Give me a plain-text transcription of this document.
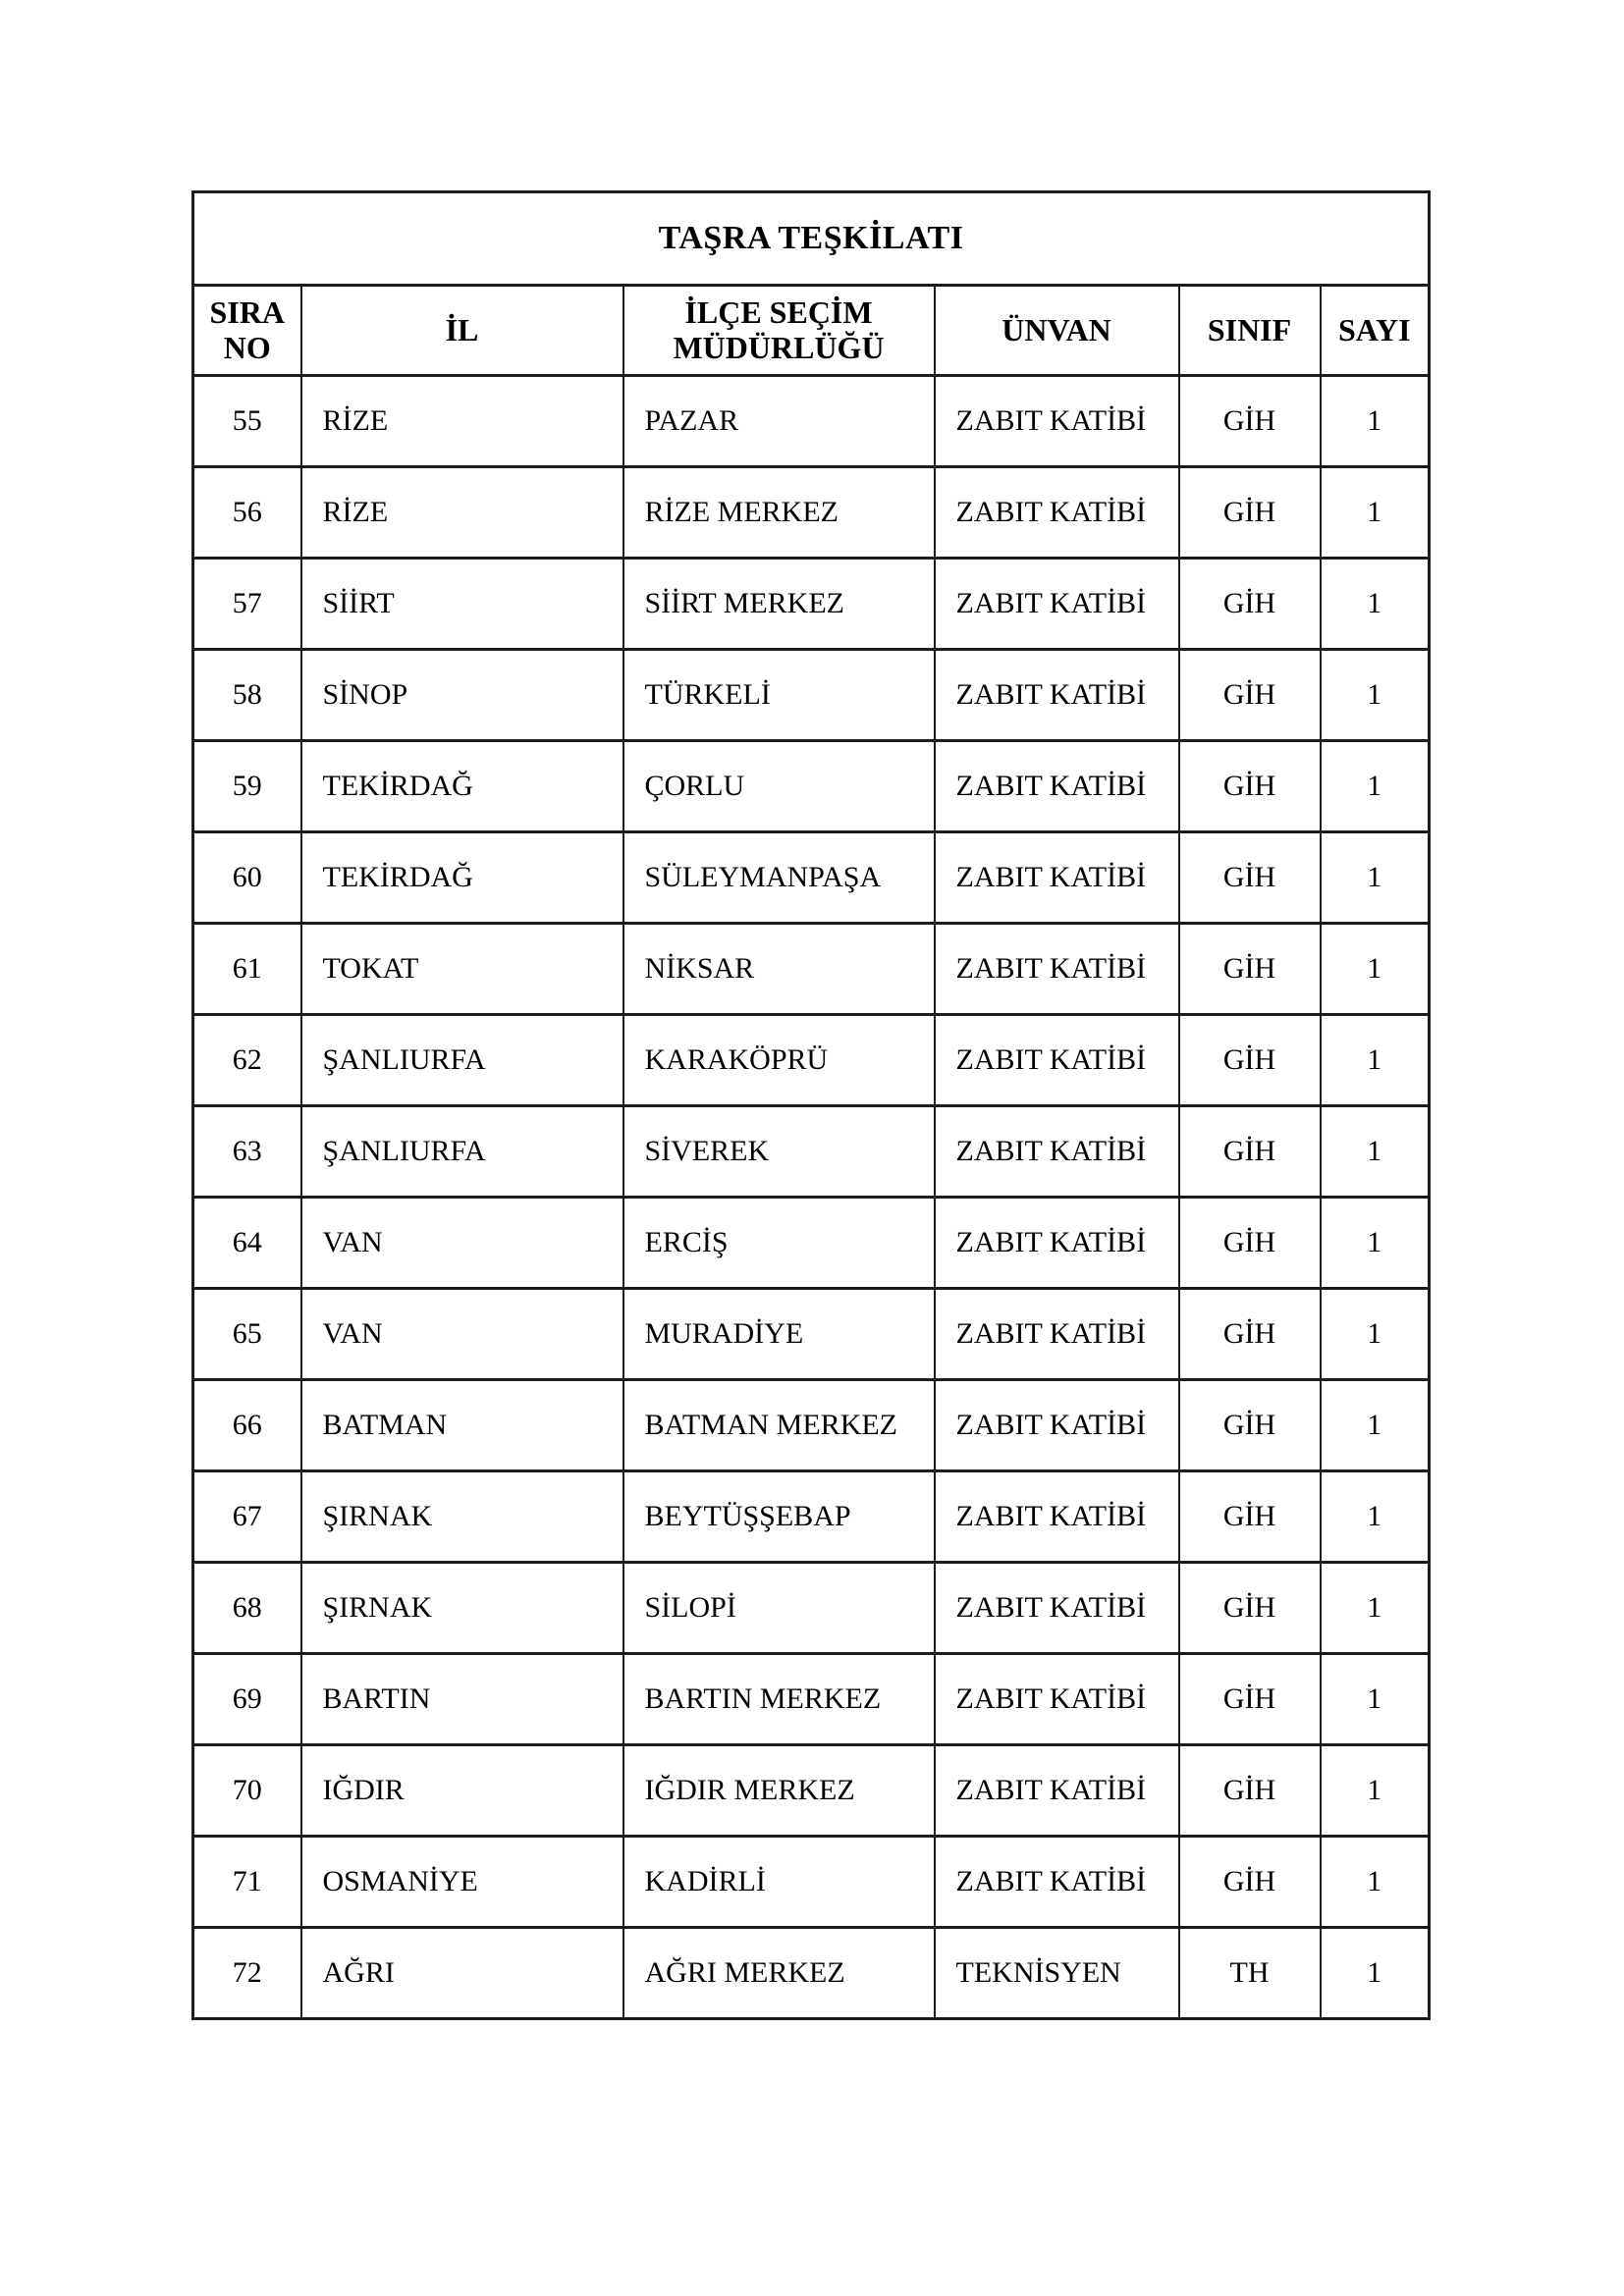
TAŞRA TEŞKİLATI					
SIRA NO	İL	İLÇE SEÇİM MÜDÜRLÜĞÜ	ÜNVAN	SINIF	SAYI
55	RİZE	PAZAR	ZABIT KATİBİ	GİH	1
56	RİZE	RİZE MERKEZ	ZABIT KATİBİ	GİH	1
57	SİİRT	SİİRT MERKEZ	ZABIT KATİBİ	GİH	1
58	SİNOP	TÜRKELİ	ZABIT KATİBİ	GİH	1
59	TEKİRDAĞ	ÇORLU	ZABIT KATİBİ	GİH	1
60	TEKİRDAĞ	SÜLEYMANPAŞA	ZABIT KATİBİ	GİH	1
61	TOKAT	NİKSAR	ZABIT KATİBİ	GİH	1
62	ŞANLIURFA	KARAKÖPRÜ	ZABIT KATİBİ	GİH	1
63	ŞANLIURFA	SİVEREK	ZABIT KATİBİ	GİH	1
64	VAN	ERCİŞ	ZABIT KATİBİ	GİH	1
65	VAN	MURADİYE	ZABIT KATİBİ	GİH	1
66	BATMAN	BATMAN MERKEZ	ZABIT KATİBİ	GİH	1
67	ŞIRNAK	BEYTÜŞŞEBAP	ZABIT KATİBİ	GİH	1
68	ŞIRNAK	SİLOPİ	ZABIT KATİBİ	GİH	1
69	BARTIN	BARTIN MERKEZ	ZABIT KATİBİ	GİH	1
70	IĞDIR	IĞDIR MERKEZ	ZABIT KATİBİ	GİH	1
71	OSMANİYE	KADİRLİ	ZABIT KATİBİ	GİH	1
72	AĞRI	AĞRI MERKEZ	TEKNİSYEN	TH	1
